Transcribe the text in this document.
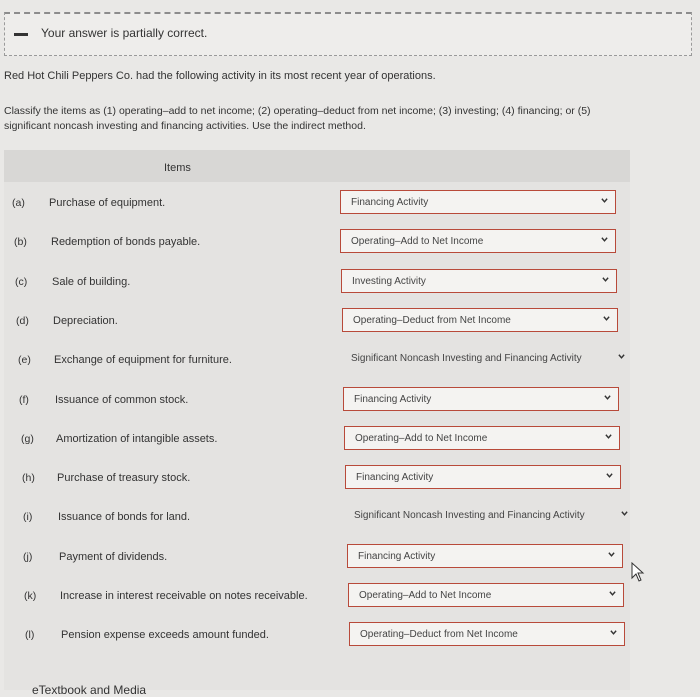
Your answer is partially correct.
Red Hot Chili Peppers Co. had the following activity in its most recent year of operations.
Classify the items as (1) operating–add to net income; (2) operating–deduct from net income; (3) investing; (4) financing; or (5)
significant noncash investing and financing activities. Use the indirect method.
Items
(a) Purchase of equipment.	Financing Activity
(b) Redemption of bonds payable.	Operating–Add to Net Income
(c) Sale of building.	Investing Activity
(d) Depreciation.	Operating–Deduct from Net Income
(e) Exchange of equipment for furniture.	Significant Noncash Investing and Financing Activity
(f) Issuance of common stock.	Financing Activity
(g) Amortization of intangible assets.	Operating–Add to Net Income
(h) Purchase of treasury stock.	Financing Activity
(i) Issuance of bonds for land.	Significant Noncash Investing and Financing Activity
(j) Payment of dividends.	Financing Activity
(k) Increase in interest receivable on notes receivable.	Operating–Add to Net Income
(l) Pension expense exceeds amount funded.	Operating–Deduct from Net Income
eTextbook and Media
